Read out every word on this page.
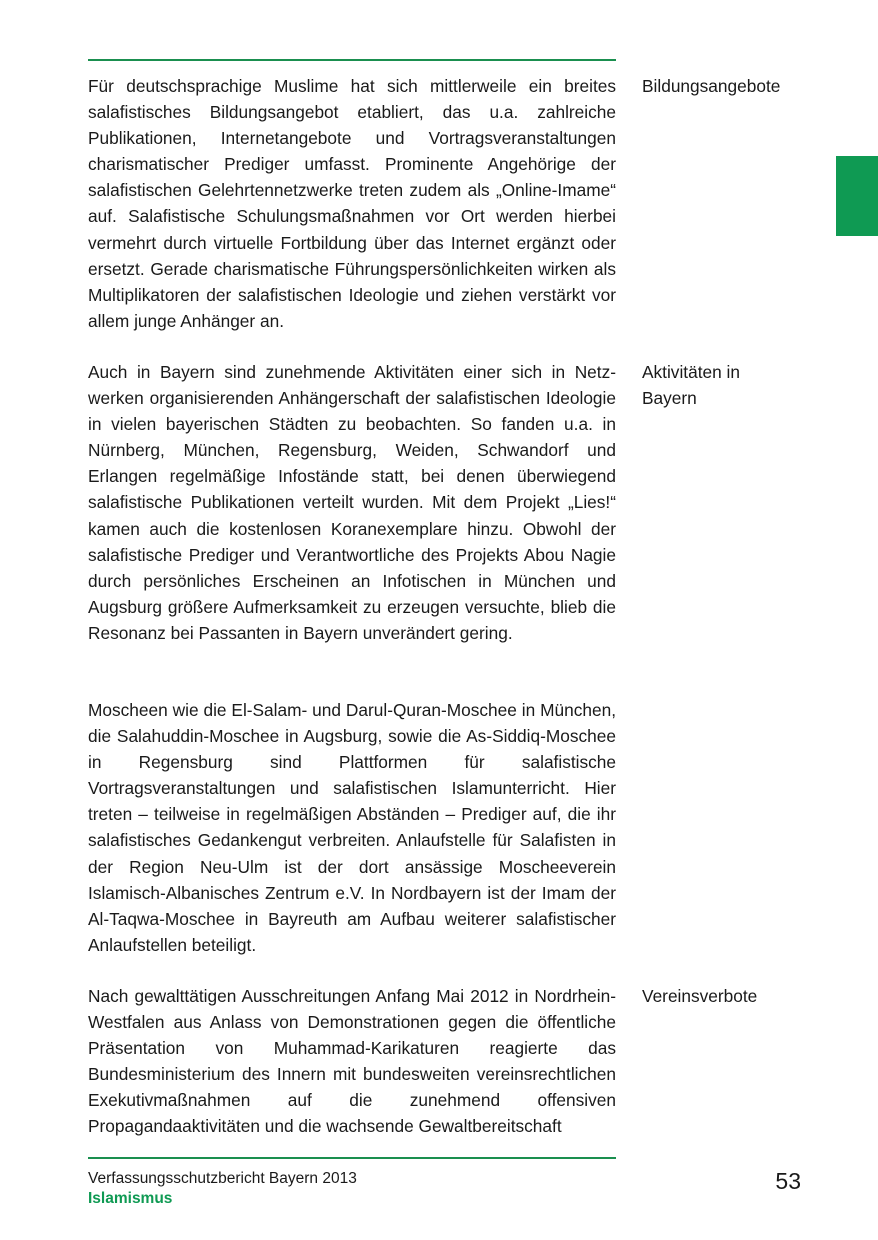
Für deutschsprachige Muslime hat sich mittlerweile ein breites salafistisches Bildungsangebot etabliert, das u.a. zahlreiche Publikationen, Internetangebote und Vortragsveranstaltungen charismatischer Prediger umfasst. Prominente Angehörige der salafistischen Gelehrtennetzwerke treten zudem als „Online-Imame“ auf. Salafistische Schulungsmaßnahmen vor Ort werden hierbei vermehrt durch virtuelle Fortbildung über das Internet ergänzt oder ersetzt. Gerade charismatische Führungspersönlichkeiten wirken als Multiplikatoren der salafistischen Ideologie und ziehen verstärkt vor allem junge Anhänger an.

Bildungsangebote

Auch in Bayern sind zunehmende Aktivitäten einer sich in Netzwerken organisierenden Anhängerschaft der salafistischen Ideologie in vielen bayerischen Städten zu beobachten. So fanden u.a. in Nürnberg, München, Regensburg, Weiden, Schwandorf und Erlangen regelmäßige Infostände statt, bei denen überwiegend salafistische Publikationen verteilt wurden. Mit dem Projekt „Lies!“ kamen auch die kostenlosen Koranexemplare hinzu. Obwohl der salafistische Prediger und Verantwortliche des Projekts Abou Nagie durch persönliches Erscheinen an Infotischen in München und Augsburg größere Aufmerksamkeit zu erzeugen versuchte, blieb die Resonanz bei Passanten in Bayern unverändert gering.

Aktivitäten in Bayern

Moscheen wie die El-Salam- und Darul-Quran-Moschee in München, die Salahuddin-Moschee in Augsburg, sowie die As-Siddiq-Moschee in Regensburg sind Plattformen für salafistische Vortragsveranstaltungen und salafistischen Islamunterricht. Hier treten – teilweise in regelmäßigen Abständen – Prediger auf, die ihr salafistisches Gedankengut verbreiten. Anlaufstelle für Salafisten in der Region Neu-Ulm ist der dort ansässige Moscheeverein Islamisch-Albanisches Zentrum e.V. In Nordbayern ist der Imam der Al-Taqwa-Moschee in Bayreuth am Aufbau weiterer salafistischer Anlaufstellen beteiligt.

Nach gewalttätigen Ausschreitungen Anfang Mai 2012 in Nordrhein-Westfalen aus Anlass von Demonstrationen gegen die öffentliche Präsentation von Muhammad-Karikaturen reagierte das Bundesministerium des Innern mit bundesweiten vereinsrechtlichen Exekutivmaßnahmen auf die zunehmend offensiven Propagandaaktivitäten und die wachsende Gewaltbereitschaft

Vereinsverbote

Verfassungsschutzbericht Bayern 2013
Islamismus
53
